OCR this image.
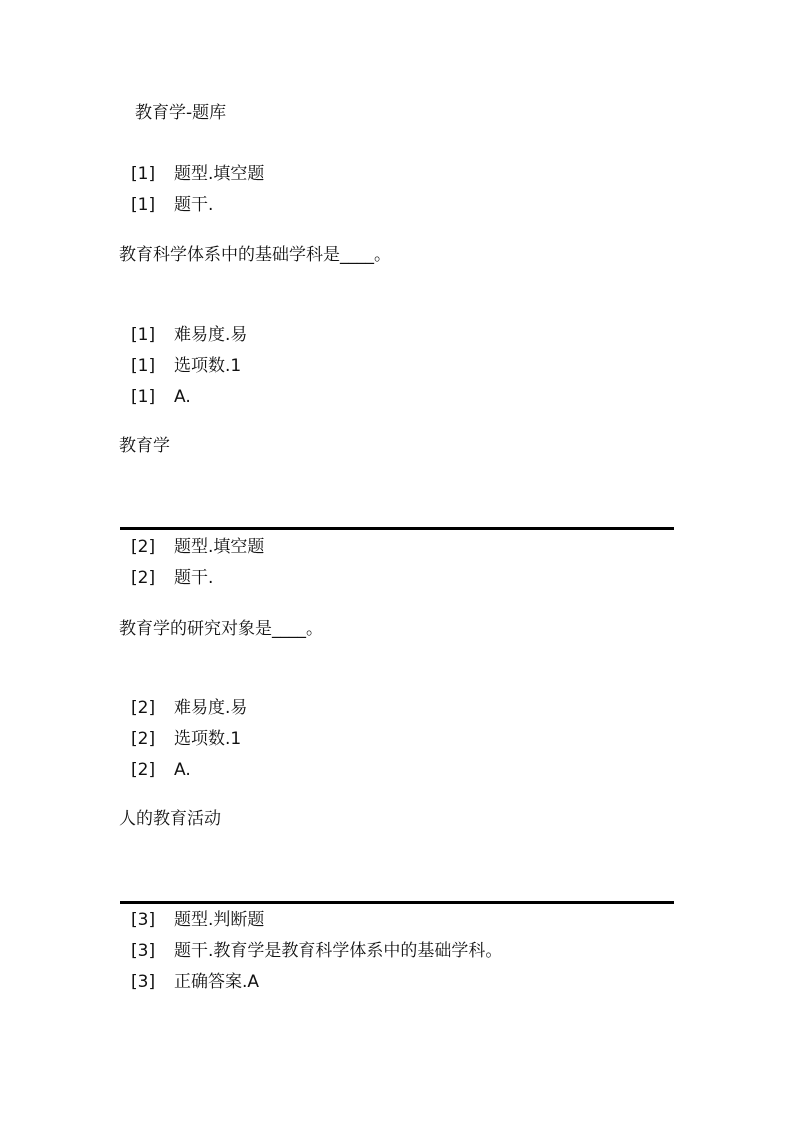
教育学-题库
[1] 题型.填空题
[1] 题干.
教育科学体系中的基础学科是____。
[1] 难易度.易
[1] 选项数.1
[1] A.
教育学
[2] 题型.填空题
[2] 题干.
教育学的研究对象是____。
[2] 难易度.易
[2] 选项数.1
[2] A.
人的教育活动
[3] 题型.判断题
[3] 题干.教育学是教育科学体系中的基础学科。
[3] 正确答案.A
